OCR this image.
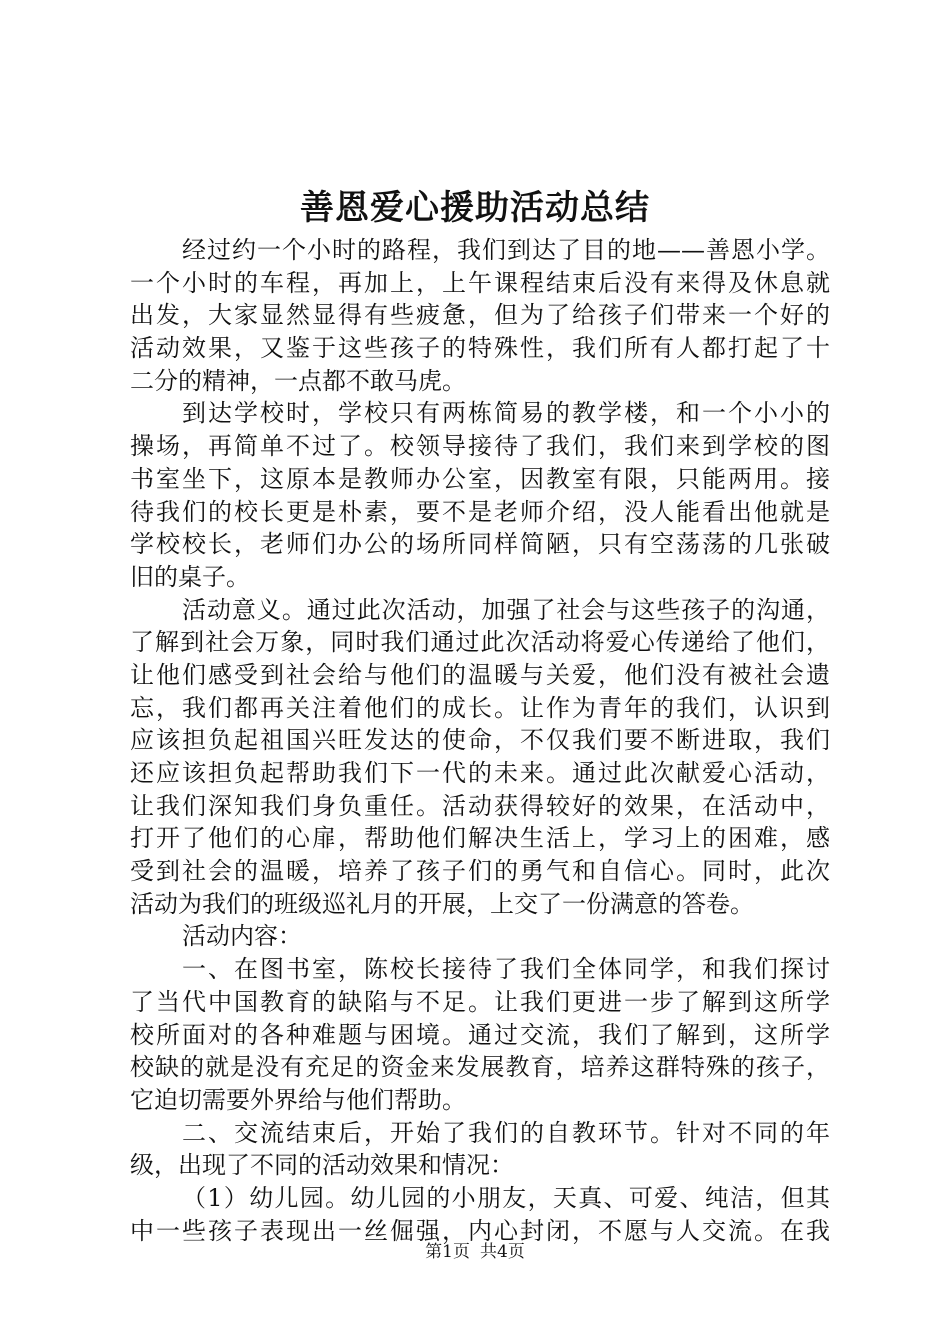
善恩爱心援助活动总结
经过约一个小时的路程，我们到达了目的地——善恩小学。
一个小时的车程，再加上，上午课程结束后没有来得及休息就
出发，大家显然显得有些疲惫，但为了给孩子们带来一个好的
活动效果，又鉴于这些孩子的特殊性，我们所有人都打起了十
二分的精神，一点都不敢马虎。
到达学校时，学校只有两栋简易的教学楼，和一个小小的
操场，再简单不过了。校领导接待了我们，我们来到学校的图
书室坐下，这原本是教师办公室，因教室有限，只能两用。接
待我们的校长更是朴素，要不是老师介绍，没人能看出他就是
学校校长，老师们办公的场所同样简陋，只有空荡荡的几张破
旧的桌子。
活动意义。通过此次活动，加强了社会与这些孩子的沟通，
了解到社会万象，同时我们通过此次活动将爱心传递给了他们，
让他们感受到社会给与他们的温暖与关爱，他们没有被社会遗
忘，我们都再关注着他们的成长。让作为青年的我们，认识到
应该担负起祖国兴旺发达的使命，不仅我们要不断进取，我们
还应该担负起帮助我们下一代的未来。通过此次献爱心活动，
让我们深知我们身负重任。活动获得较好的效果，在活动中，
打开了他们的心扉，帮助他们解决生活上，学习上的困难，感
受到社会的温暖，培养了孩子们的勇气和自信心。同时，此次
活动为我们的班级巡礼月的开展，上交了一份满意的答卷。
活动内容：
一、在图书室，陈校长接待了我们全体同学，和我们探讨
了当代中国教育的缺陷与不足。让我们更进一步了解到这所学
校所面对的各种难题与困境。通过交流，我们了解到，这所学
校缺的就是没有充足的资金来发展教育，培养这群特殊的孩子，
它迫切需要外界给与他们帮助。
二、交流结束后，开始了我们的自教环节。针对不同的年
级，出现了不同的活动效果和情况：
（1）幼儿园。幼儿园的小朋友，天真、可爱、纯洁，但其
中一些孩子表现出一丝倔强，内心封闭，不愿与人交流。在我
第1页 共4页
